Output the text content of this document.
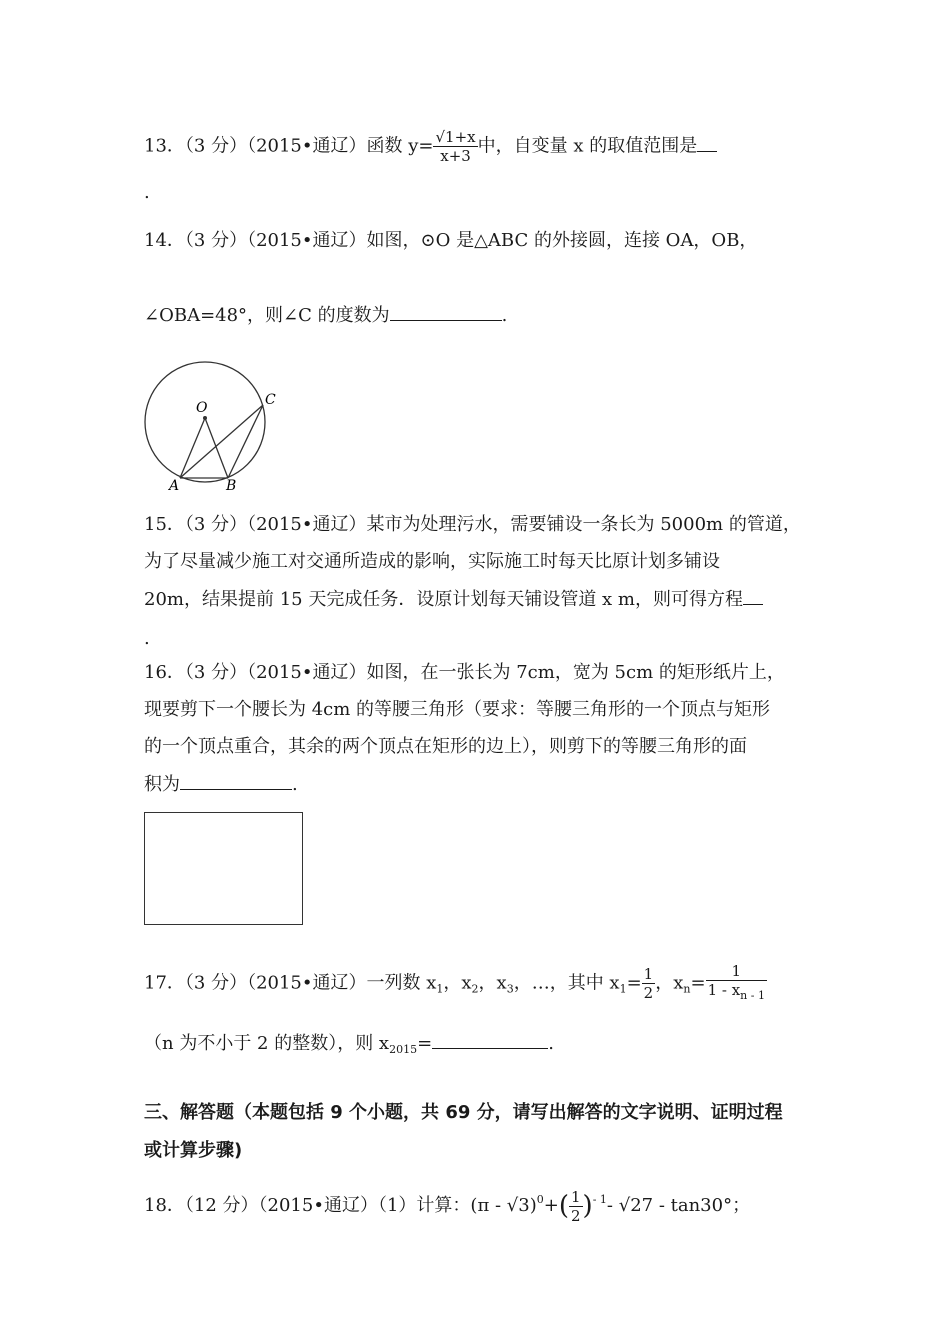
13．（3 分）（2015•通辽）函数 $y= \frac{√1+x}{x+3}$ 中，自变量 x 的取值范围是
.
14．（3 分）（2015•通辽）如图，⊙O 是△ABC 的外接圆，连接 OA，OB，
∠OBA=48°，则∠C 的度数为	.
O
A	B
C
15．（3 分）（2015•通辽）某市为处理污水，需要铺设一条长为 5000m 的管道，
为了尽量减少施工对交通所造成的影响，实际施工时每天比原计划多铺设
20m，结果提前 15 天完成任务．设原计划每天铺设管道 x m，则可得方程
.
16．（3 分）（2015•通辽）如图，在一张长为 7cm，宽为 5cm 的矩形纸片上，
现要剪下一个腰长为 4cm 的等腰三角形（要求：等腰三角形的一个顶点与矩形
的一个顶点重合，其余的两个顶点在矩形的边上），则剪下的等腰三角形的面
积为	.
17．（3 分）（2015•通辽）一列数 $x_1$，$x_2$，$x_3$，…，其中 $x_1= \frac{1}{2}$ ，$x_n= \frac{1}{1 - x_{n - 1}}$
（n 为不小于 2 的整数），则 $x_{2015}=$	.
三、解答题（本题包括 9 个小题，共 69 分，请写出解答的文字说明、证明过程
或计算步骤)
18．（12 分）（2015•通辽）（1）计算：$(\pi - √3)^0+( \frac{1}{2} )^{- 1}-$ √27 - tan30°；
